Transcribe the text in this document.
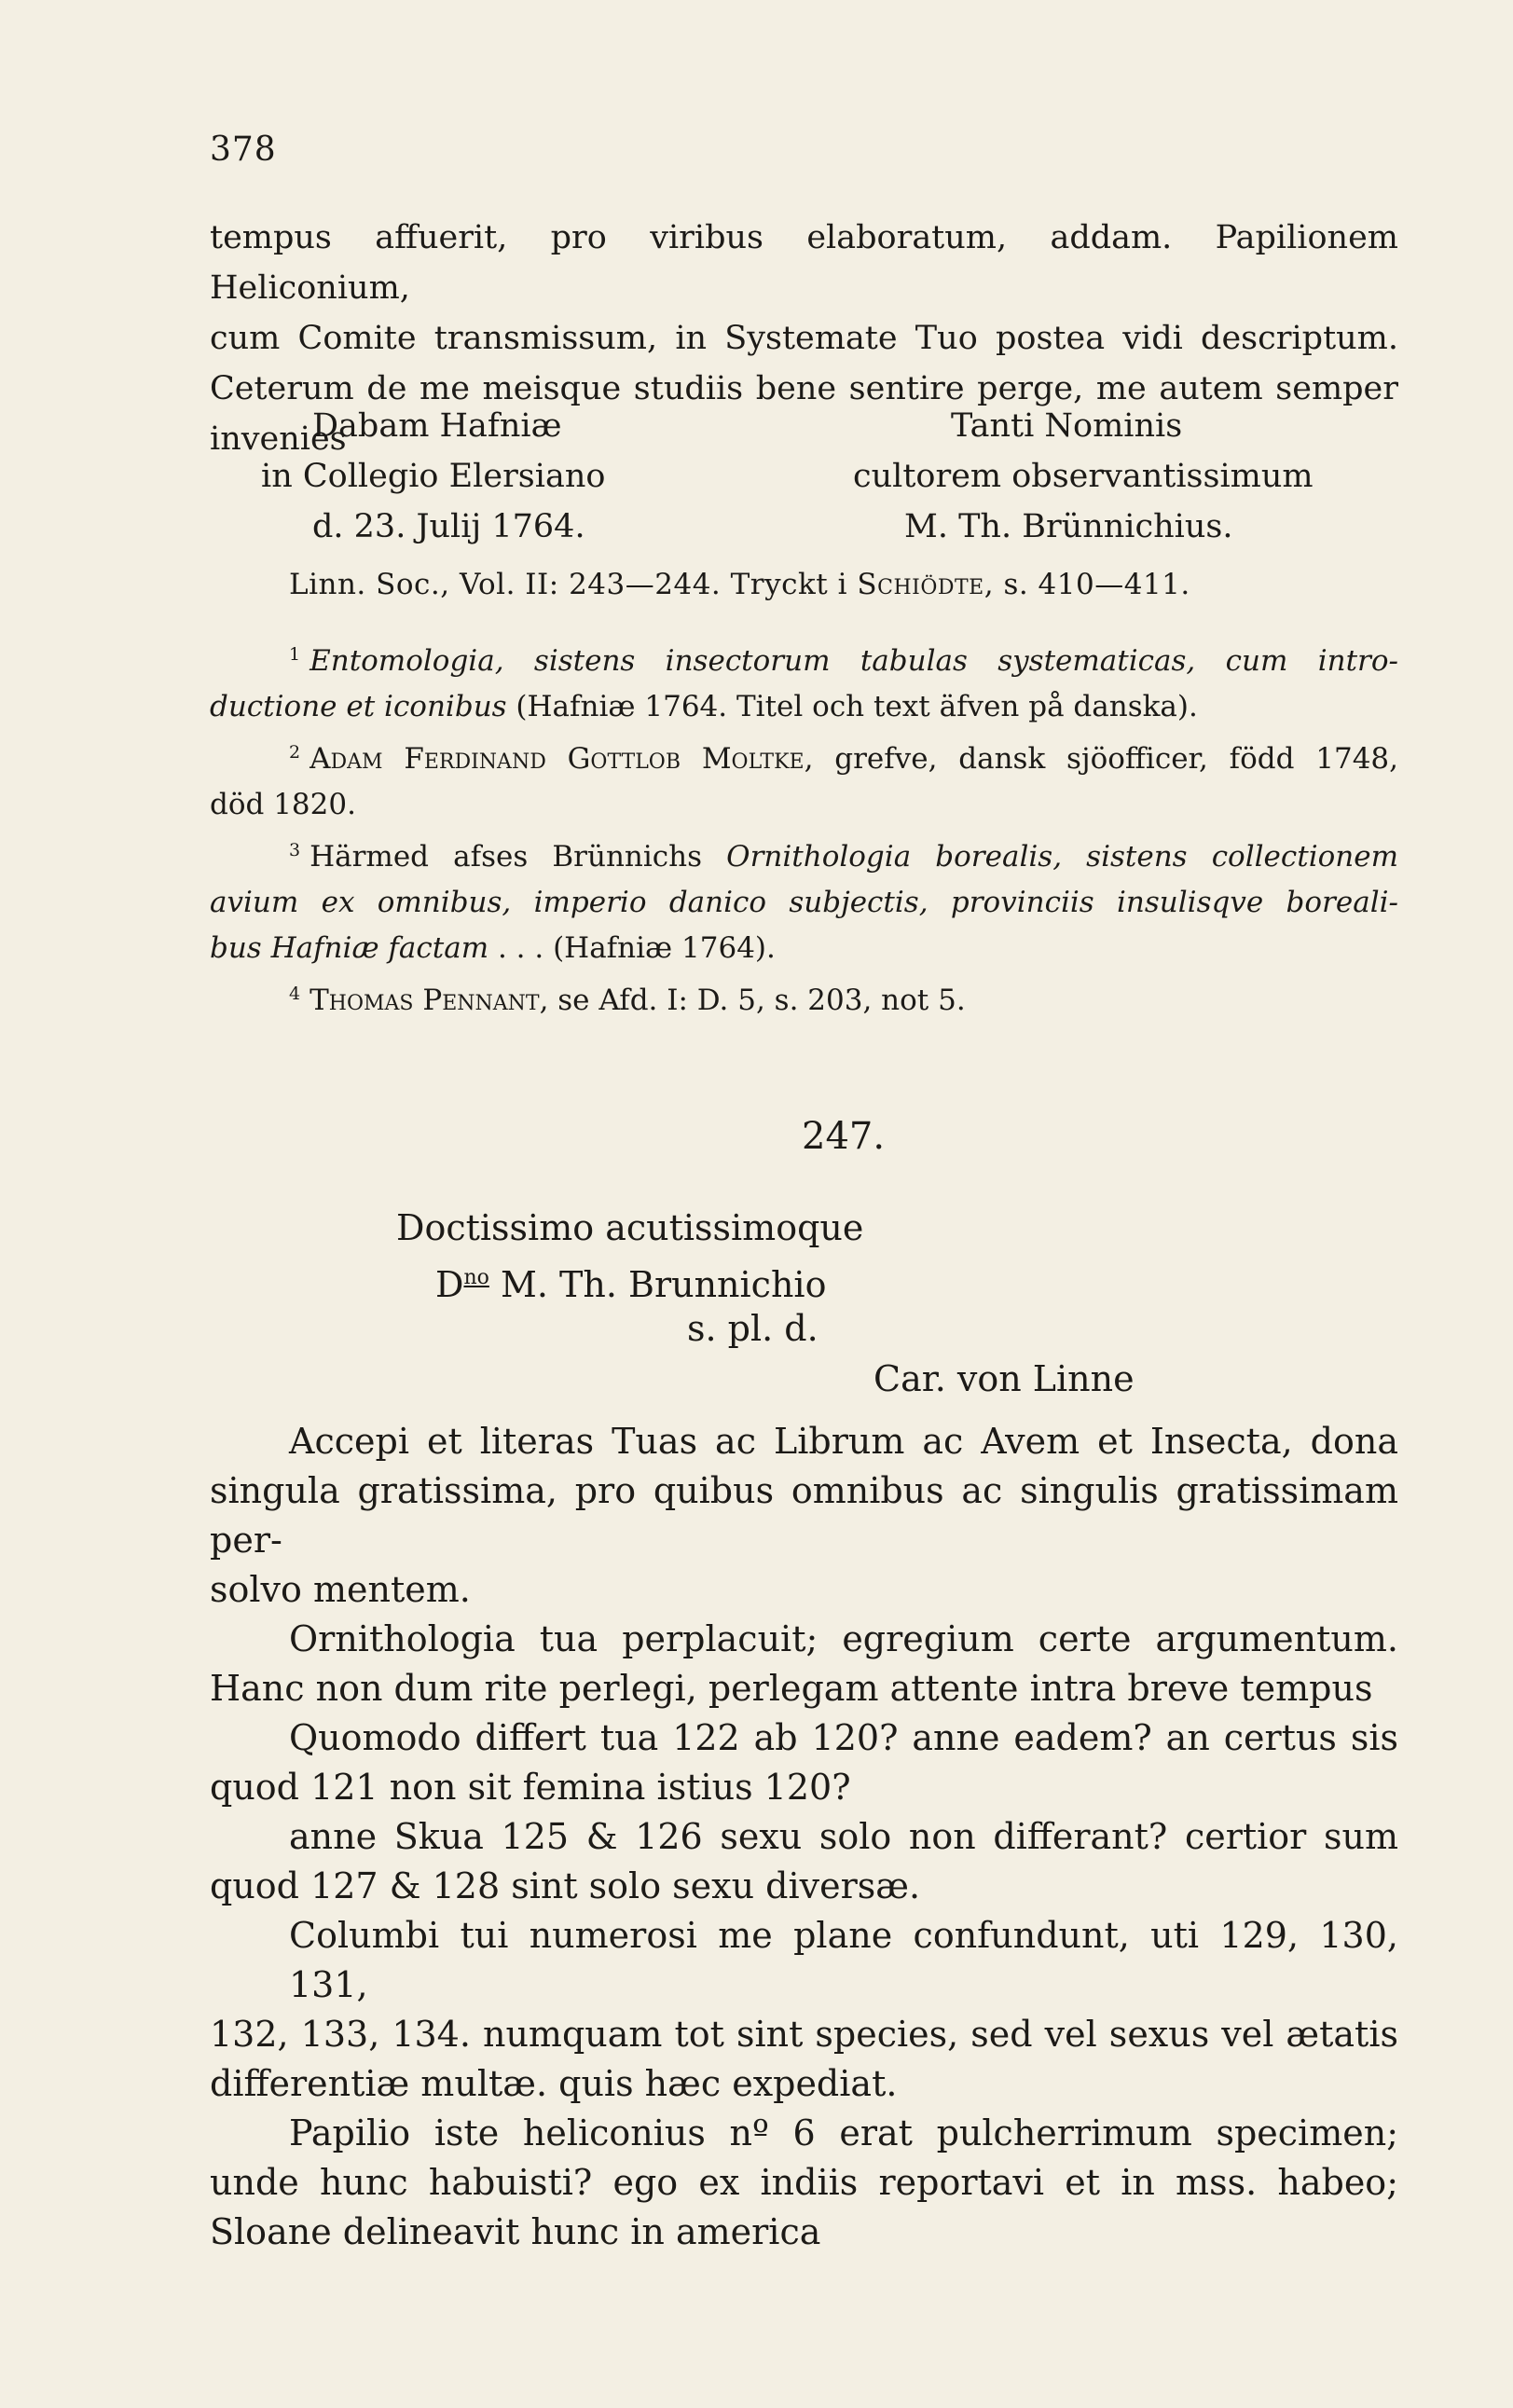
378

tempus affuerit, pro viribus elaboratum, addam. Papilionem Heliconium,

cum Comite transmissum, in Systemate Tuo postea vidi descriptum.

Ceterum de me meisque studiis bene sentire perge, me autem semper

invenies

Dabam Hafniæ
in Collegio Elersiano
d. 23. Julij 1764.
Tanti Nominis
cultorem observantissimum
M. Th. Brünnichius.
Linn. Soc., Vol. II: 243—244. Tryckt i Schiödte, s. 410—411.

$^1$ Entomologia, sistens insectorum tabulas systematicas, cum intro-

ductione et iconibus (Hafniæ 1764. Titel och text äfven på danska).

$^2$ Adam Ferdinand Gottlob Moltke, grefve, dansk sjöofficer, född 1748,

död 1820.

$^3$ Härmed afses Brünnichs Ornithologia borealis, sistens collectionem

avium ex omnibus, imperio danico subjectis, provinciis insulisqve boreali-

bus Hafniæ factam . . . (Hafniæ 1764).

$^4$ Thomas Pennant, se Afd. I: D. 5, s. 203, not 5.

247.
Doctissimo acutissimoque
$D^{no}$ M. Th. Brunnichio
s. pl. d.
Car. von Linne

Accepi et literas Tuas ac Librum ac Avem et Insecta, dona

singula gratissima, pro quibus omnibus ac singulis gratissimam per-

solvo mentem.

Ornithologia tua perplacuit; egregium certe argumentum.

Hanc non dum rite perlegi, perlegam attente intra breve tempus

Quomodo differt tua 122 ab 120? anne eadem? an certus sis

quod 121 non sit femina istius 120?

anne Skua 125 & 126 sexu solo non differant? certior sum

quod 127 & 128 sint solo sexu diversæ.

Columbi tui numerosi me plane confundunt, uti 129, 130, 131,

132, 133, 134. numquam tot sint species, sed vel sexus vel ætatis

differentiæ multæ. quis hæc expediat.

Papilio iste heliconius nº 6 erat pulcherrimum specimen;

unde hunc habuisti? ego ex indiis reportavi et in mss. habeo;

Sloane delineavit hunc in america
